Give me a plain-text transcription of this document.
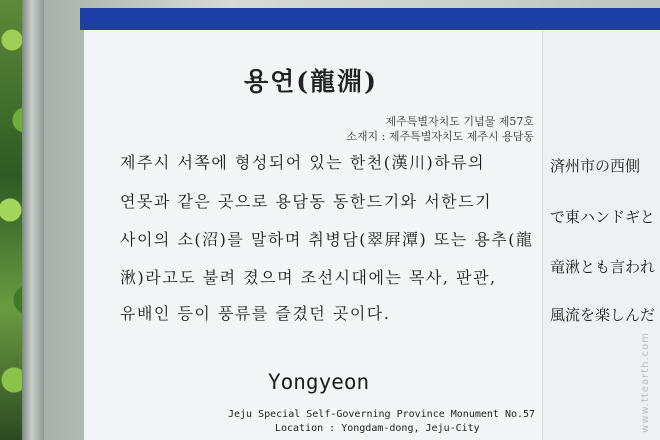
용연(龍淵)
제주특별자치도 기념물 제57호
소재지 : 제주특별자치도 제주시 용담동
제주시 서쪽에 형성되어 있는 한천(漢川)하류의
연못과 같은 곳으로 용담동 동한드기와 서한드기
사이의 소(沼)를 말하며 취병담(翠屛潭) 또는 용추(龍
湫)라고도 불려 졌으며 조선시대에는 목사, 판관,
유배인 등이 풍류를 즐겼던 곳이다.
済州市の西側
で東ハンドギと
竜湫とも言われ
風流を楽しんだ
Yongyeon
Jeju Special Self-Governing Province Monument No.57
Location : Yongdam-dong, Jeju-City	www.ttearth.com
